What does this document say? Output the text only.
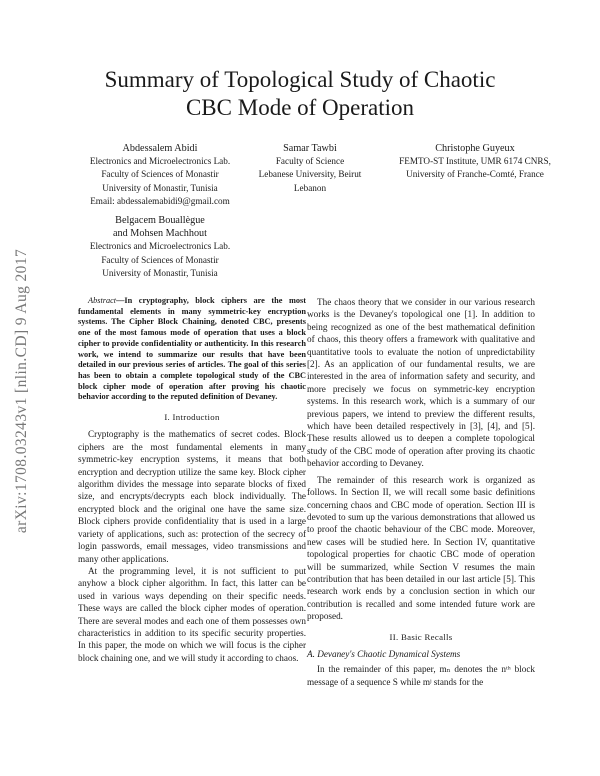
arXiv:1708.03243v1 [nlin.CD] 9 Aug 2017
Summary of Topological Study of Chaotic
CBC Mode of Operation
Abdessalem Abidi
Electronics and Microelectronics Lab.
Faculty of Sciences of Monastir
University of Monastir, Tunisia
Email: abdessalemabidi9@gmail.com
Samar Tawbi
Faculty of Science
Lebanese University, Beirut
Lebanon
Christophe Guyeux
FEMTO-ST Institute, UMR 6174 CNRS,
University of Franche-Comté, France
Belgacem Bouallègue
and Mohsen Machhout
Electronics and Microelectronics Lab.
Faculty of Sciences of Monastir
University of Monastir, Tunisia

Abstract—In cryptography, block ciphers are the most fundamental elements in many symmetric-key encryption systems. The Cipher Block Chaining, denoted CBC, presents one of the most famous mode of operation that uses a block cipher to provide confidentiality or authenticity. In this research work, we intend to summarize our results that have been detailed in our previous series of articles. The goal of this series has been to obtain a complete topological study of the CBC block cipher mode of operation after proving his chaotic behavior according to the reputed definition of Devaney.

I. Introduction

Cryptography is the mathematics of secret codes. Block ciphers are the most fundamental elements in many symmetric-key encryption systems, it means that both encryption and decryption utilize the same key. Block cipher algorithm divides the message into separate blocks of fixed size, and encrypts/decrypts each block individually. The encrypted block and the original one have the same size. Block ciphers provide confidentiality that is used in a large variety of applications, such as: protection of the secrecy of login passwords, email messages, video transmissions and many other applications.

At the programming level, it is not sufficient to put anyhow a block cipher algorithm. In fact, this latter can be used in various ways depending on their specific needs. These ways are called the block cipher modes of operation. There are several modes and each one of them possesses own characteristics in addition to its specific security properties. In this paper, the mode on which we will focus is the cipher block chaining one, and we will study it according to chaos.

The chaos theory that we consider in our various research works is the Devaney's topological one [1]. In addition to being recognized as one of the best mathematical definition of chaos, this theory offers a framework with qualitative and quantitative tools to evaluate the notion of unpredictability [2]. As an application of our fundamental results, we are interested in the area of information safety and security, and more precisely we focus on symmetric-key encryption systems. In this research work, which is a summary of our previous papers, we intend to preview the different results, which have been detailed respectively in [3], [4], and [5]. These results allowed us to deepen a complete topological study of the CBC mode of operation after proving its chaotic behavior according to Devaney.

The remainder of this research work is organized as follows. In Section II, we will recall some basic definitions concerning chaos and CBC mode of operation. Section III is devoted to sum up the various demonstrations that allowed us to proof the chaotic behaviour of the CBC mode. Moreover, new cases will be studied here. In Section IV, quantitative topological properties for chaotic CBC mode of operation will be summarized, while Section V resumes the main contribution that has been detailed in our last article [5]. This research work ends by a conclusion section in which our contribution is recalled and some intended future work are proposed.

II. Basic Recalls
A. Devaney's Chaotic Dynamical Systems

In the remainder of this paper, mₙ denotes the nᵗʰ block message of a sequence S while mʲ stands for the
